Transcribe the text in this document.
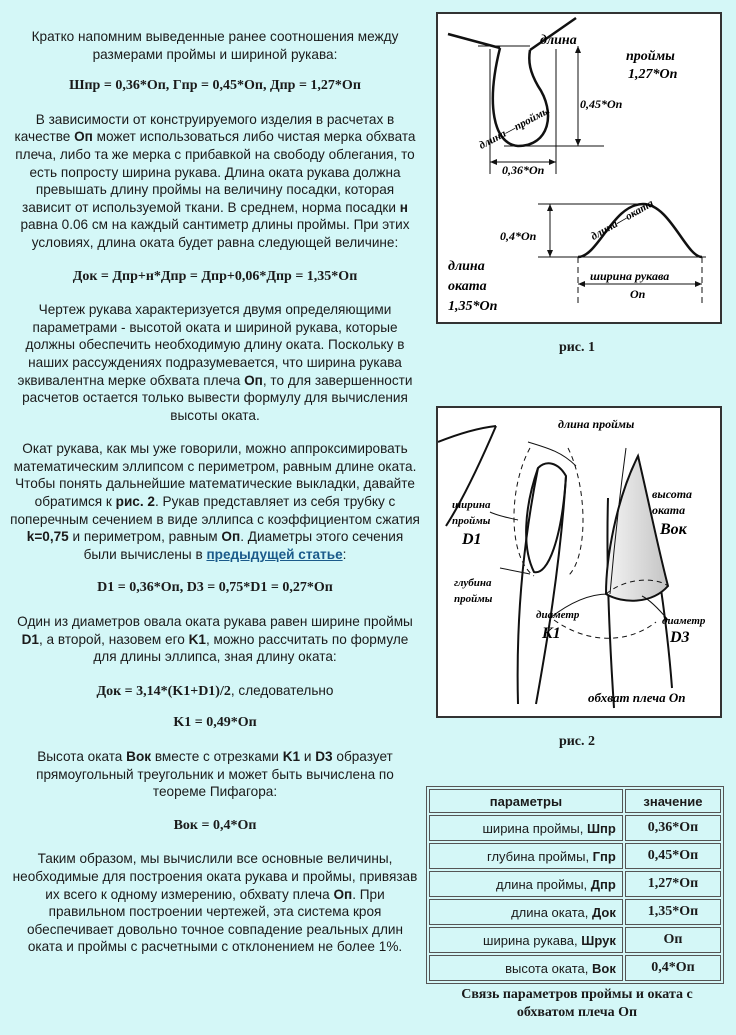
Кратко напомним выведенные ранее соотношения между размерами проймы и шириной рукава:

Шпр = 0,36*Оп, Гпр = 0,45*Оп, Дпр = 1,27*Оп

В зависимости от конструируемого изделия в расчетах в качестве Оп может использоваться либо чистая мерка обхвата плеча, либо та же мерка с прибавкой на свободу облегания, то есть попросту ширина рукава. Длина оката рукава должна превышать длину проймы на величину посадки, которая зависит от используемой ткани. В среднем, норма посадки н равна 0.06 см на каждый сантиметр длины проймы. При этих условиях, длина оката будет равна следующей величине:

Док = Дпр+н*Дпр = Дпр+0,06*Дпр = 1,35*Оп

Чертеж рукава характеризуется двумя определяющими параметрами - высотой оката и шириной рукава, которые должны обеспечить необходимую длину оката. Поскольку в наших рассуждениях подразумевается, что ширина рукава эквивалентна мерке обхвата плеча Оп, то для завершенности расчетов остается только вывести формулу для вычисления высоты оката.

Окат рукава, как мы уже говорили, можно аппроксимировать математическим эллипсом с периметром, равным длине оката. Чтобы понять дальнейшие математические выкладки, давайте обратимся к рис. 2. Рукав представляет из себя трубку с поперечным сечением в виде эллипса с коэффициентом сжатия k=0,75 и периметром, равным Оп. Диаметры этого сечения были вычислены в предыдущей статье:

D1 = 0,36*Оп, D3 = 0,75*D1 = 0,27*Оп

Один из диаметров овала оката рукава равен ширине проймы D1, а второй, назовем его K1, можно рассчитать по формуле для длины эллипса, зная длину оката:

Док = 3,14*(K1+D1)/2, следовательно

K1 = 0,49*Оп

Высота оката Вок вместе с отрезками K1 и D3 образует прямоугольный треугольник и может быть вычислена по теореме Пифагора:

Вок = 0,4*Оп

Таким образом, мы вычислили все основные величины, необходимые для построения оката рукава и проймы, привязав их всего к одному измерению, обхвату плеча Оп. При правильном построении чертежей, эта система кроя обеспечивает довольно точное совпадение реальных длин оката и проймы с расчетными с отклонением не более 1%.

длина
проймы
1,27*Оп
0,45*Оп
0,36*Оп
длина—проймы
0,4*Оп	длина—оката
длина
оката
1,35*Оп
ширина рукава
Оп
рис. 1
длина проймы
ширина
проймы
D1
высота
оката
Вок
глубина
проймы
диаметр
K1
диаметр
D3
обхват плеча Оп
рис. 2
параметры	значение
ширина проймы, Шпр	0,36*Оп
глубина проймы, Гпр	0,45*Оп
длина проймы, Дпр	1,27*Оп
длина оката, Док	1,35*Оп
ширина рукава, Шрук	Оп
высота оката, Вок	0,4*Оп
Связь параметров проймы и оката с обхватом плеча Оп
